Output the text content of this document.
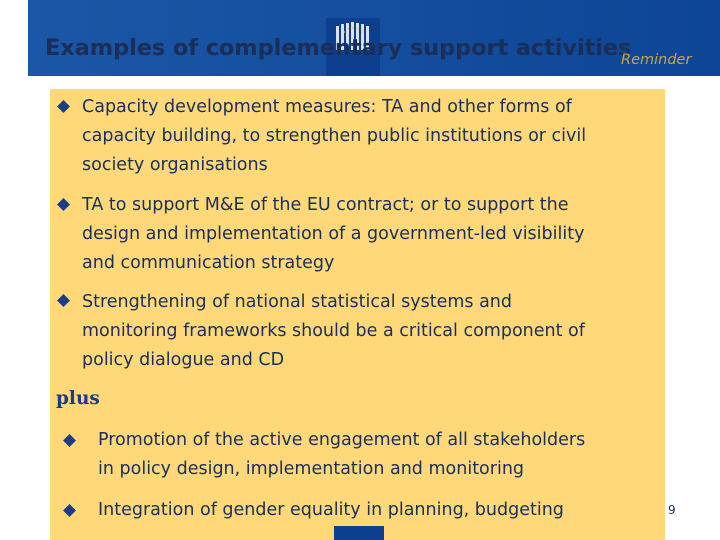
European
Examples of complementary support activities
Reminder
Capacity development measures: TA and other forms of
capacity building, to strengthen public institutions or civil
society organisations
TA to support M&E of the EU contract; or to support the
design and implementation of a government-led visibility
and communication strategy
Strengthening of national statistical systems and
monitoring frameworks should be a critical component of
policy dialogue and CD
plus
Promotion of the active engagement of all stakeholders
in policy design, implementation and monitoring
Integration of gender equality in planning, budgeting	9
